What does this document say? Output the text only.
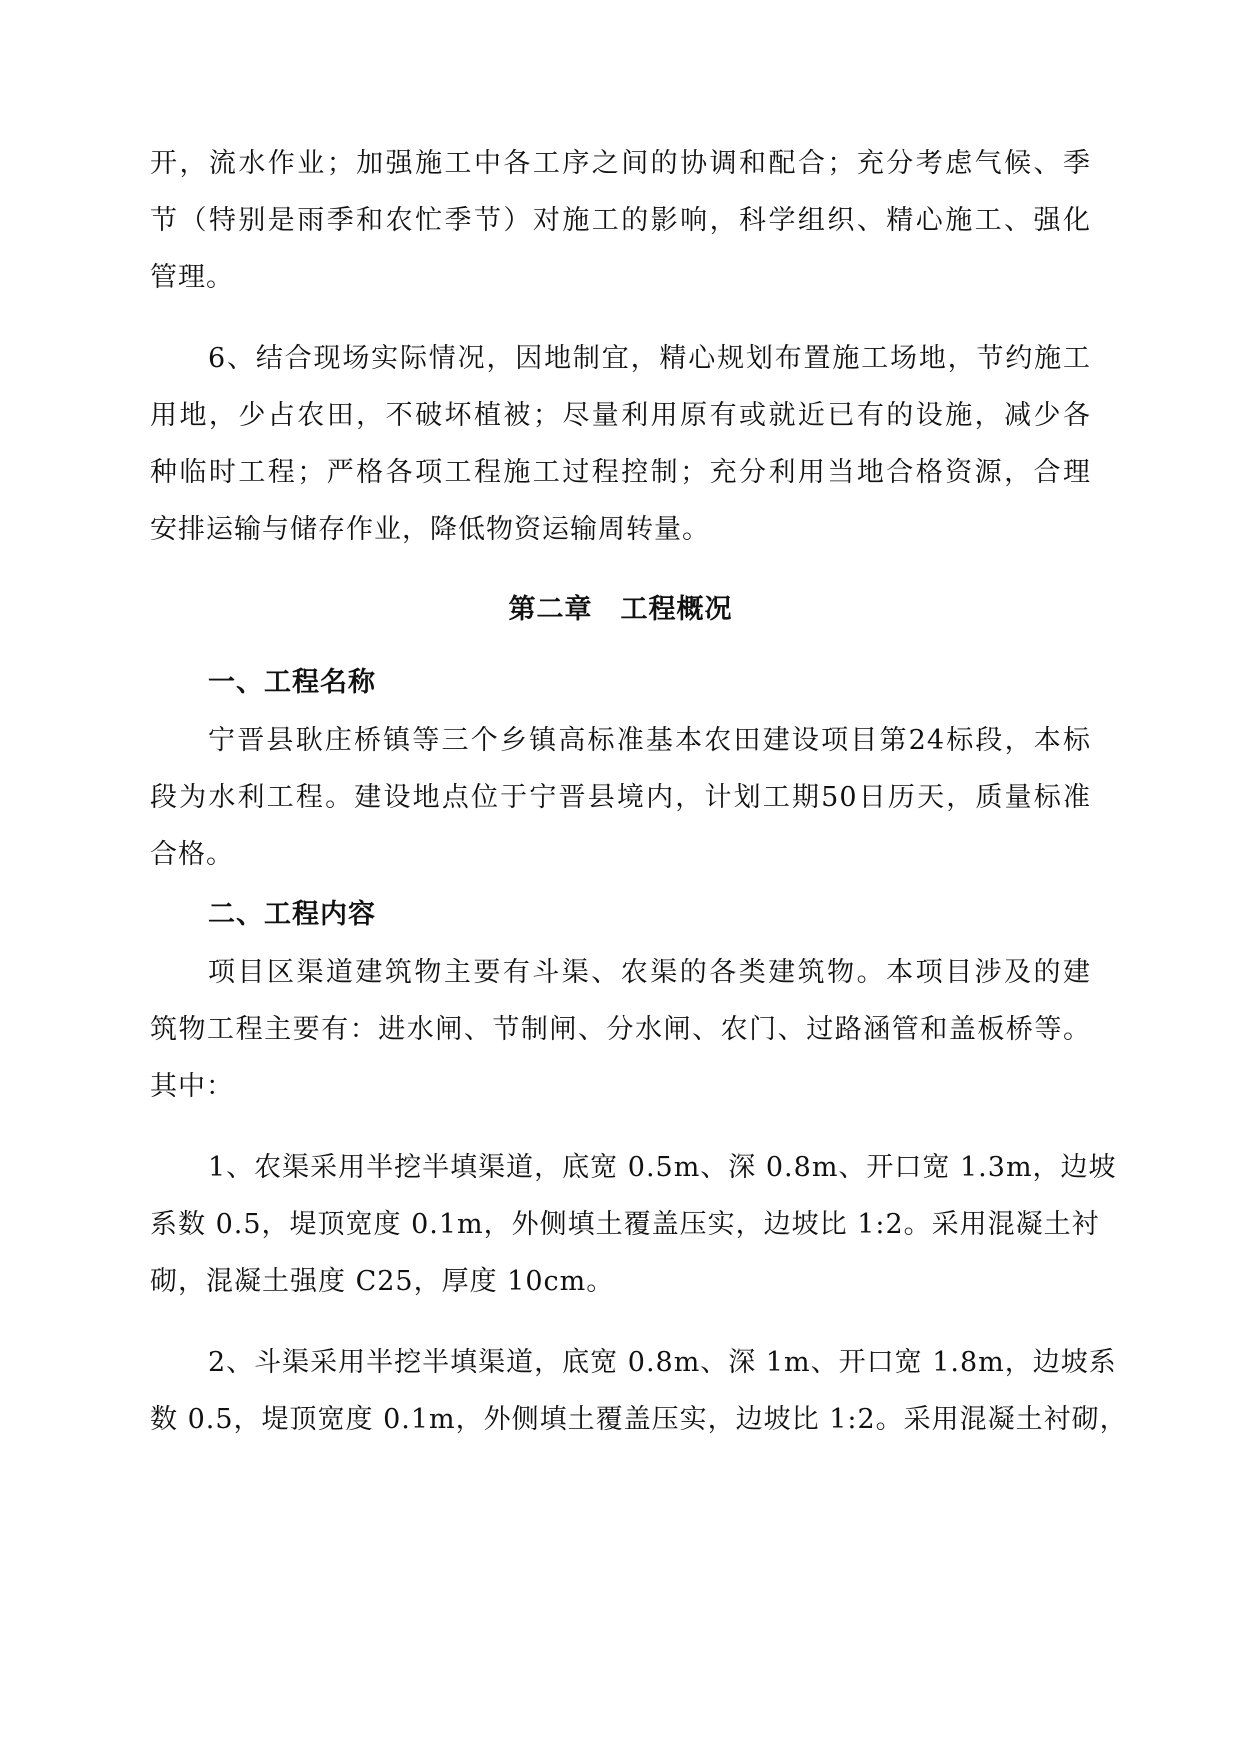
开，流水作业；加强施工中各工序之间的协调和配合；充分考虑气候、季
节（特别是雨季和农忙季节）对施工的影响，科学组织、精心施工、强化
管理。
6、结合现场实际情况，因地制宜，精心规划布置施工场地，节约施工
用地，少占农田，不破坏植被；尽量利用原有或就近已有的设施，减少各
种临时工程；严格各项工程施工过程控制；充分利用当地合格资源，合理
安排运输与储存作业，降低物资运输周转量。
第二章　工程概况
一、工程名称
宁晋县耿庄桥镇等三个乡镇高标准基本农田建设项目第24标段，本标
段为水利工程。建设地点位于宁晋县境内，计划工期50日历天，质量标准
合格。
二、工程内容
项目区渠道建筑物主要有斗渠、农渠的各类建筑物。本项目涉及的建
筑物工程主要有：进水闸、节制闸、分水闸、农门、过路涵管和盖板桥等。
其中：
1、农渠采用半挖半填渠道，底宽 0.5m、深 0.8m、开口宽 1.3m，边坡
系数 0.5，堤顶宽度 0.1m，外侧填土覆盖压实，边坡比 1:2。采用混凝土衬
砌，混凝土强度 C25，厚度 10cm。
2、斗渠采用半挖半填渠道，底宽 0.8m、深 1m、开口宽 1.8m，边坡系
数 0.5，堤顶宽度 0.1m，外侧填土覆盖压实，边坡比 1:2。采用混凝土衬砌，
